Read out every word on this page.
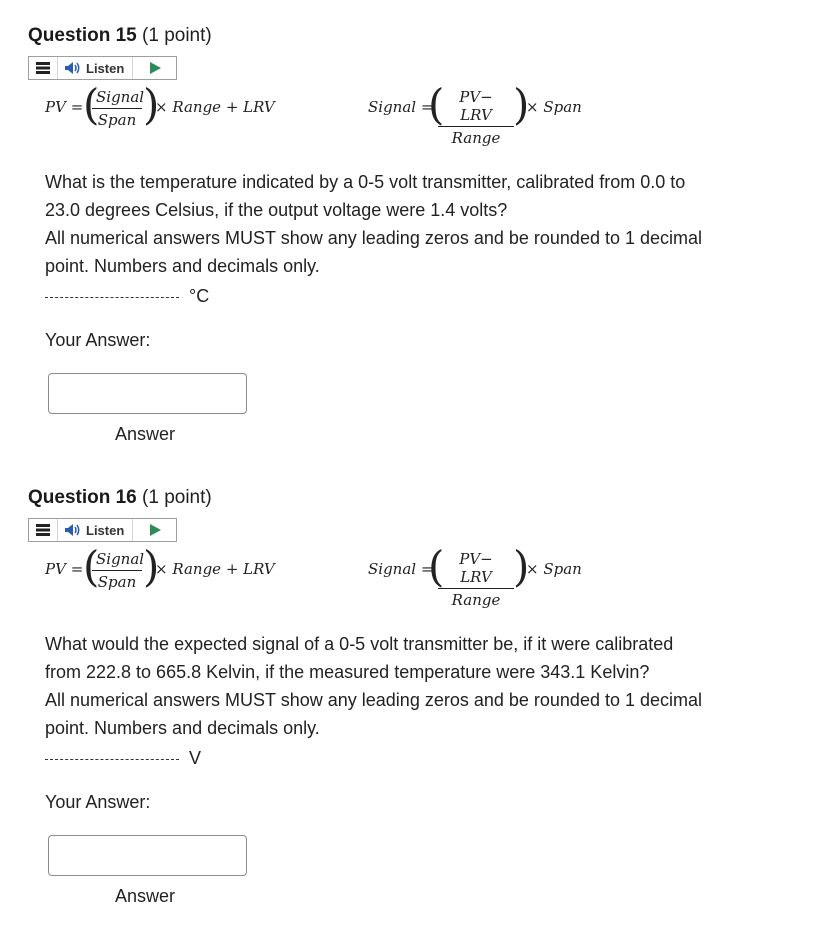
Question 15 (1 point)
Listen
PV = (
Signal
Span )
× Range + LRV	Signal =
( PV− LRV
Range
)
× Span
What is the temperature indicated by a 0-5 volt transmitter, calibrated from 0.0 to
23.0 degrees Celsius, if the output voltage were 1.4 volts?
All numerical answers MUST show any leading zeros and be rounded to 1 decimal
point. Numbers and decimals only.
°C
Your Answer:
Answer
Question 16 (1 point)
Listen
PV = (
Signal
Span )
× Range + LRV	Signal =
( PV− LRV
Range
)
× Span
What would the expected signal of a 0-5 volt transmitter be, if it were calibrated
from 222.8 to 665.8 Kelvin, if the measured temperature were 343.1 Kelvin?
All numerical answers MUST show any leading zeros and be rounded to 1 decimal
point. Numbers and decimals only.
V
Your Answer:
Answer
